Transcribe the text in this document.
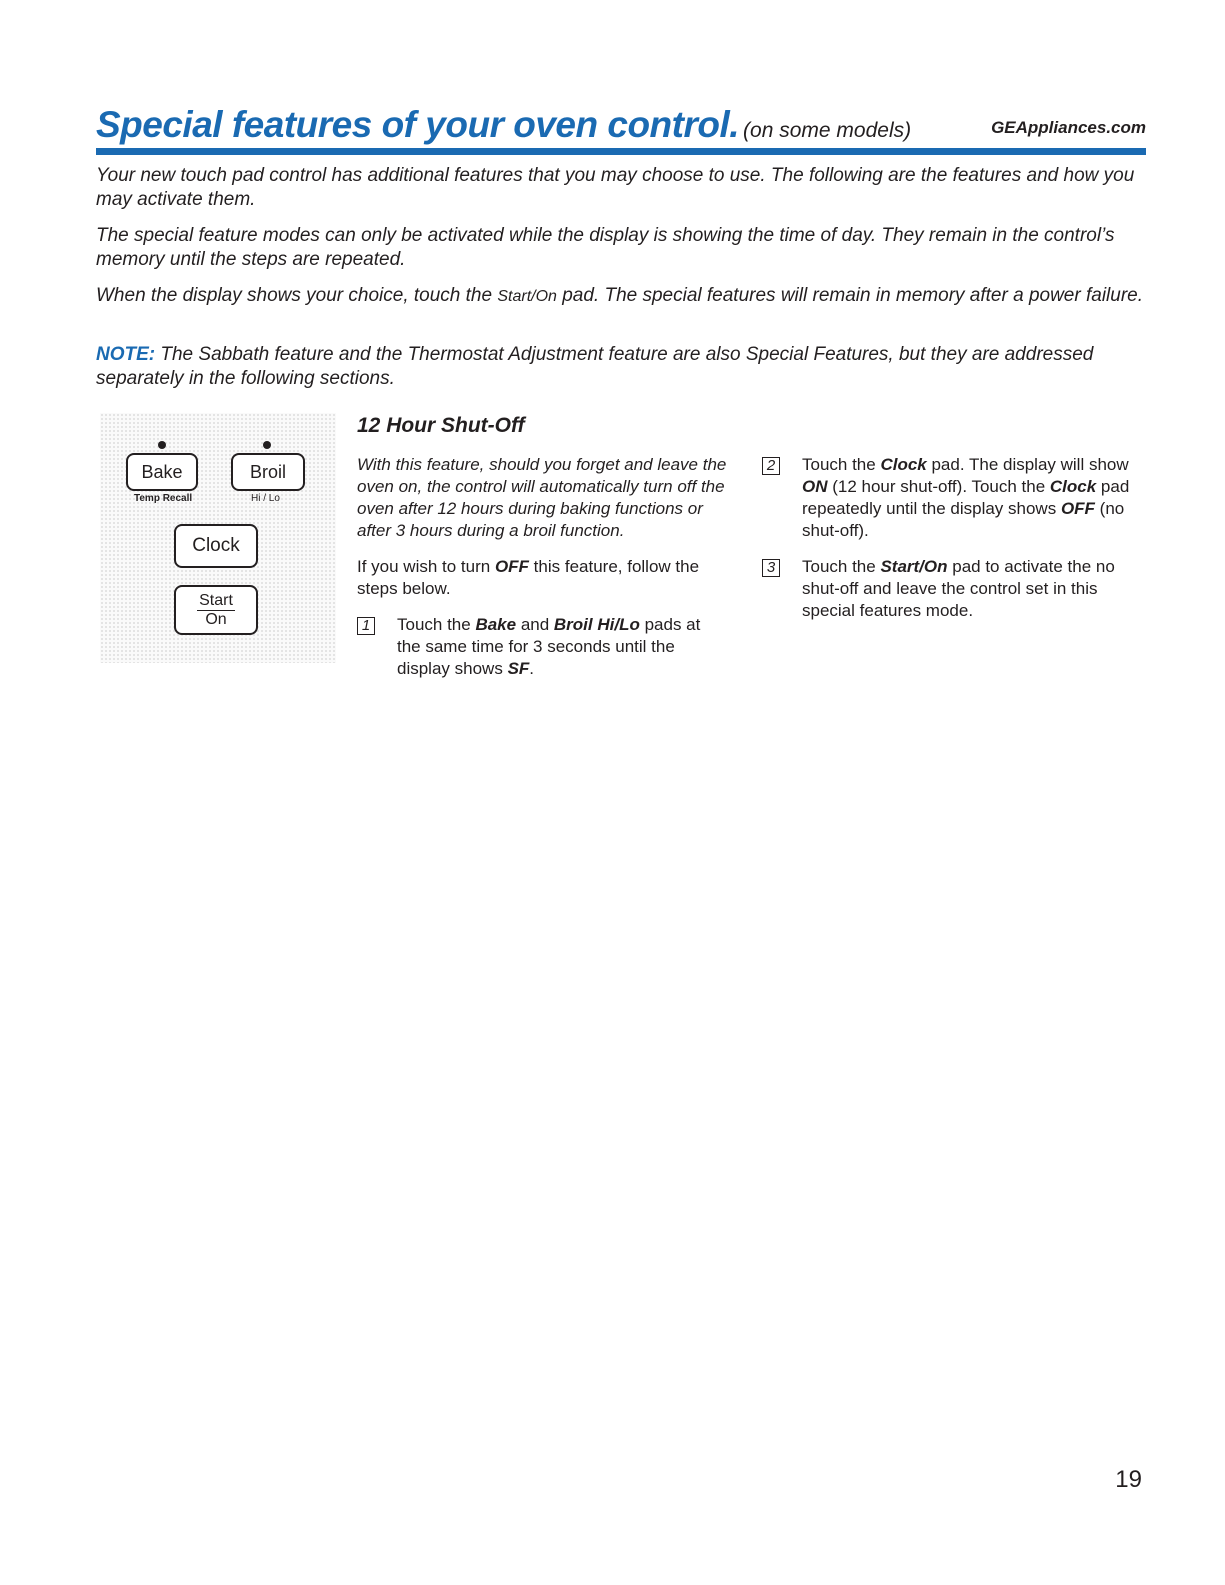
Special features of your oven control. (on some models)	GEAppliances.com

Your new touch pad control has additional features that you may choose to use. The following are the features and how you may activate them.

The special feature modes can only be activated while the display is showing the time of day. They remain in the control’s memory until the steps are repeated.

When the display shows your choice, touch the Start/On pad. The special features will remain in memory after a power failure.

NOTE: The Sabbath feature and the Thermostat Adjustment feature are also Special Features, but they are addressed separately in the following sections.

Bake
Temp Recall
Broil
Hi / Lo
Clock
Start
On
12 Hour Shut-Off

With this feature, should you forget and leave the oven on, the control will automatically turn off the oven after 12 hours during baking functions or after 3 hours during a broil function.

If you wish to turn OFF this feature, follow the steps below.

1 Touch the Bake and Broil Hi/Lo pads at the same time for 3 seconds until the display shows SF.
2 Touch the Clock pad. The display will show ON (12 hour shut-off). Touch the Clock pad repeatedly until the display shows OFF (no shut-off).
3 Touch the Start/On pad to activate the no shut-off and leave the control set in this special features mode.
19
